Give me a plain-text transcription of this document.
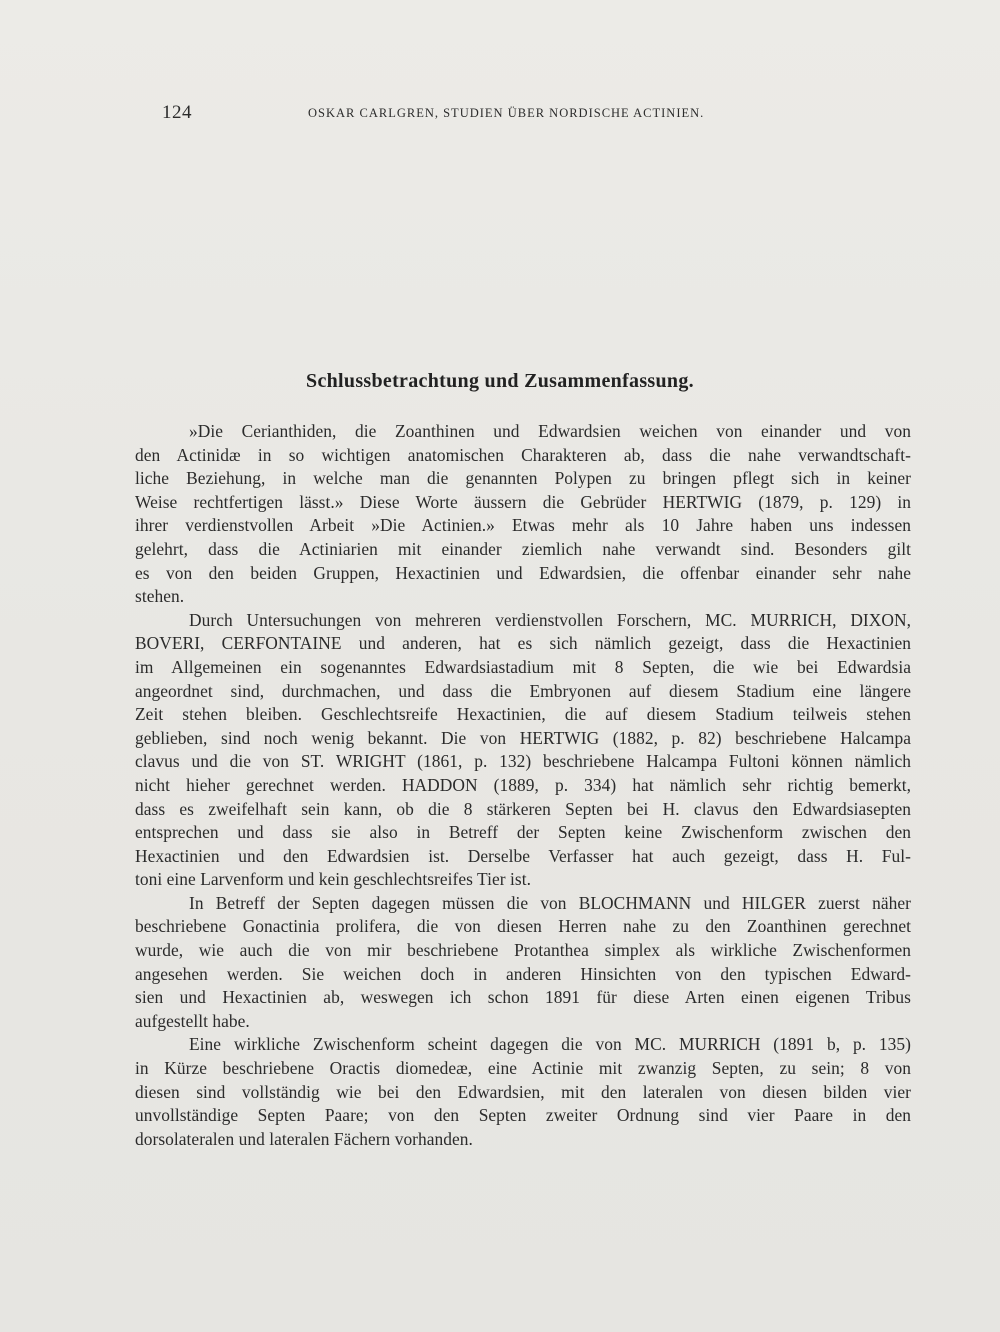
124	OSKAR CARLGREN, STUDIEN ÜBER NORDISCHE ACTINIEN.
Schlussbetrachtung und Zusammenfassung.
»Die Cerianthiden, die Zoanthinen und Edwardsien weichen von einander und von
den Actinidæ in so wichtigen anatomischen Charakteren ab, dass die nahe verwandtschaft-
liche Beziehung, in welche man die genannten Polypen zu bringen pflegt sich in keiner
Weise rechtfertigen lässt.» Diese Worte äussern die Gebrüder HERTWIG (1879, p. 129) in
ihrer verdienstvollen Arbeit »Die Actinien.» Etwas mehr als 10 Jahre haben uns indessen
gelehrt, dass die Actiniarien mit einander ziemlich nahe verwandt sind. Besonders gilt
es von den beiden Gruppen, Hexactinien und Edwardsien, die offenbar einander sehr nahe
stehen.
Durch Untersuchungen von mehreren verdienstvollen Forschern, MC. MURRICH, DIXON,
BOVERI, CERFONTAINE und anderen, hat es sich nämlich gezeigt, dass die Hexactinien
im Allgemeinen ein sogenanntes Edwardsiastadium mit 8 Septen, die wie bei Edwardsia
angeordnet sind, durchmachen, und dass die Embryonen auf diesem Stadium eine längere
Zeit stehen bleiben. Geschlechtsreife Hexactinien, die auf diesem Stadium teilweis stehen
geblieben, sind noch wenig bekannt. Die von HERTWIG (1882, p. 82) beschriebene Halcampa
clavus und die von ST. WRIGHT (1861, p. 132) beschriebene Halcampa Fultoni können nämlich
nicht hieher gerechnet werden. HADDON (1889, p. 334) hat nämlich sehr richtig bemerkt,
dass es zweifelhaft sein kann, ob die 8 stärkeren Septen bei H. clavus den Edwardsiasepten
entsprechen und dass sie also in Betreff der Septen keine Zwischenform zwischen den
Hexactinien und den Edwardsien ist. Derselbe Verfasser hat auch gezeigt, dass H. Ful-
toni eine Larvenform und kein geschlechtsreifes Tier ist.
In Betreff der Septen dagegen müssen die von BLOCHMANN und HILGER zuerst näher
beschriebene Gonactinia prolifera, die von diesen Herren nahe zu den Zoanthinen gerechnet
wurde, wie auch die von mir beschriebene Protanthea simplex als wirkliche Zwischenformen
angesehen werden. Sie weichen doch in anderen Hinsichten von den typischen Edward-
sien und Hexactinien ab, weswegen ich schon 1891 für diese Arten einen eigenen Tribus
aufgestellt habe.
Eine wirkliche Zwischenform scheint dagegen die von MC. MURRICH (1891 b, p. 135)
in Kürze beschriebene Oractis diomedeæ, eine Actinie mit zwanzig Septen, zu sein; 8 von
diesen sind vollständig wie bei den Edwardsien, mit den lateralen von diesen bilden vier
unvollständige Septen Paare; von den Septen zweiter Ordnung sind vier Paare in den
dorsolateralen und lateralen Fächern vorhanden.
